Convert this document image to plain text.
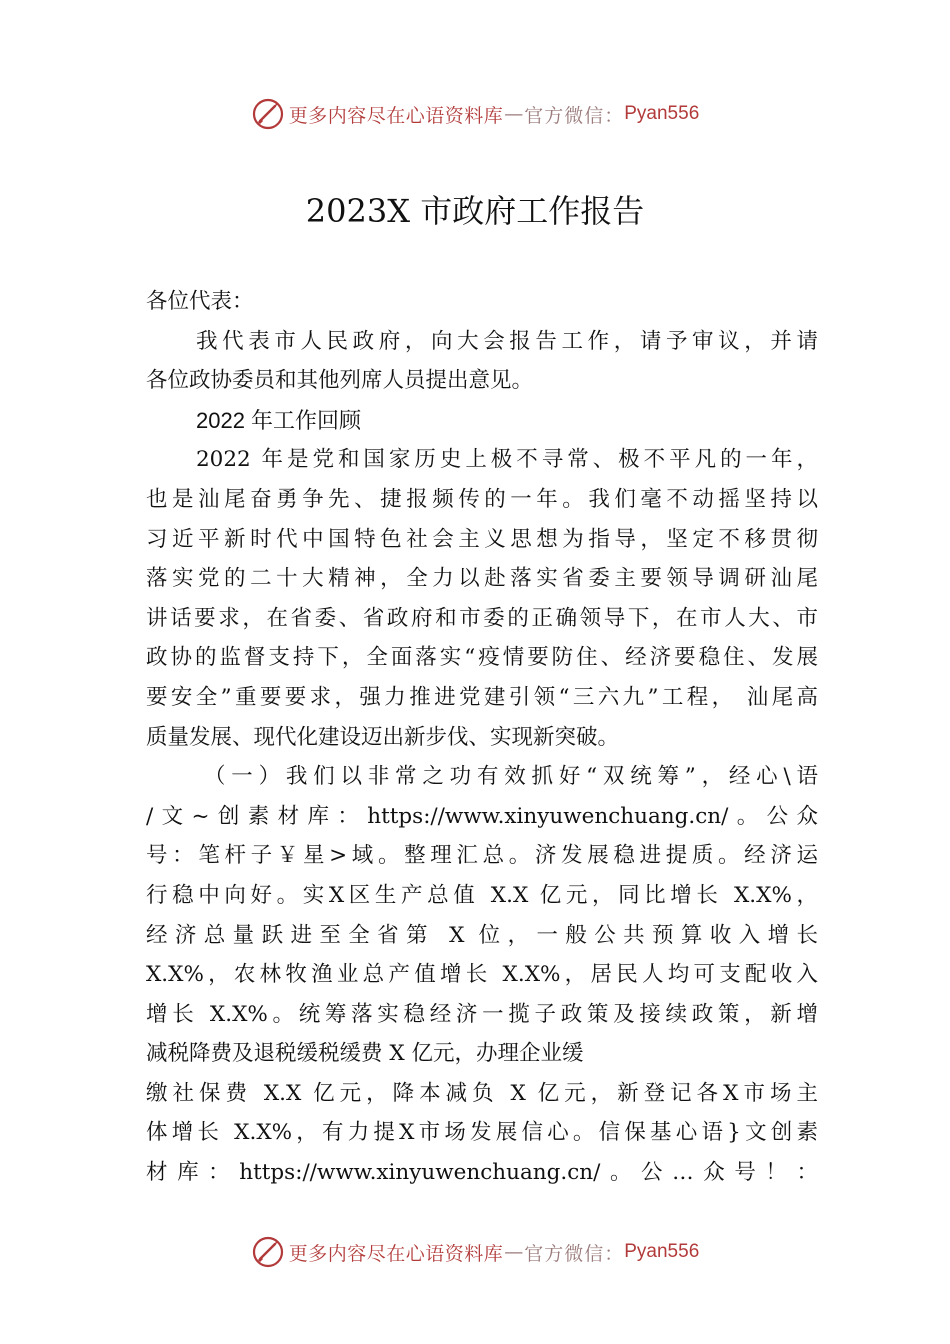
更多内容尽在心语资料库 — 官方微信： Pyan556
2023X 市政府工作报告
各位代表：
我代表市人民政府，向大会报告工作，请予审议，并请
各位政协委员和其他列席人员提出意见。
2022 年工作回顾
2022 年是党和国家历史上极不寻常、极不平凡的一年，
也是汕尾奋勇争先、捷报频传的一年。我们毫不动摇坚持以
习近平新时代中国特色社会主义思想为指导，坚定不移贯彻
落实党的二十大精神，全力以赴落实省委主要领导调研汕尾
讲话要求，在省委、省政府和市委的正确领导下，在市人大、市
政协的监督支持下，全面落实“疫情要防住、经济要稳住、发展
要安全”重要要求，强力推进党建引领“三六九”工程， 汕尾高
质量发展、现代化建设迈出新步伐、实现新突破。
（一）我们以非常之功有效抓好“双统筹”，经心\语
/文~创素材库：https://www.xinyuwenchuang.cn/。公众
号：笔杆子￥星>域。整理汇总。济发展稳进提质。经济运
行稳中向好。实X区生产总值 X.X 亿元，同比增长 X.X%，
经济总量跃进至全省第 X 位，一般公共预算收入增长
X.X%，农林牧渔业总产值增长 X.X%，居民人均可支配收入
增长 X.X%。统筹落实稳经济一揽子政策及接续政策，新增
减税降费及退税缓税缓费 X 亿元，办理企业缓
缴社保费 X.X 亿元，降本减负 X 亿元，新登记各X市场主
体增长 X.X%，有力提X市场发展信心。信保基心语}文创素
材库：https://www.xinyuwenchuang.cn/。公…众号！：
更多内容尽在心语资料库 — 官方微信： Pyan556
